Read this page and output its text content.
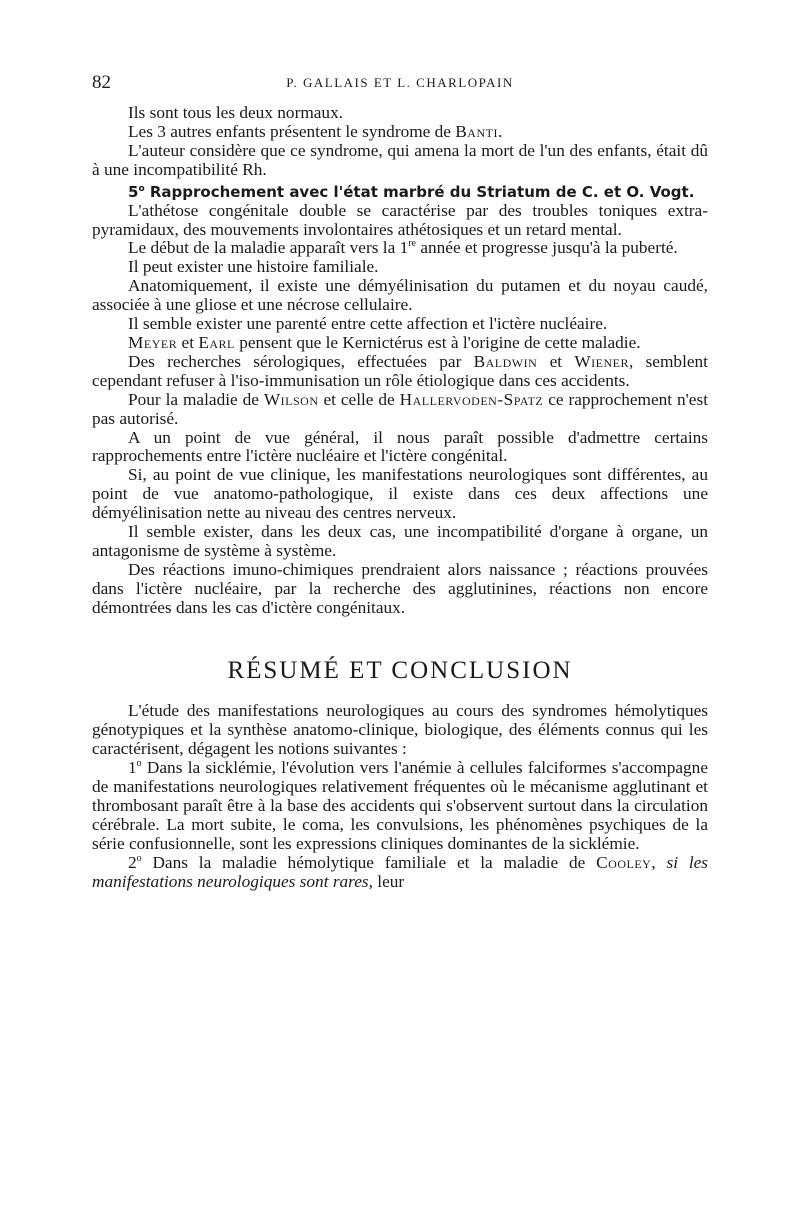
82	P. GALLAIS ET L. CHARLOPAIN

Ils sont tous les deux normaux.

Les 3 autres enfants présentent le syndrome de Banti.

L'auteur considère que ce syndrome, qui amena la mort de l'un des enfants, était dû à une incompatibilité Rh.

5$^o$ Rapprochement avec l'état marbré du Striatum de C. et O. Vogt.

L'athétose congénitale double se caractérise par des troubles toniques extra-pyramidaux, des mouvements involontaires athétosiques et un retard mental.

Le début de la maladie apparaît vers la 1re année et progresse jusqu'à la puberté.

Il peut exister une histoire familiale.

Anatomiquement, il existe une démyélinisation du putamen et du noyau caudé, associée à une gliose et une nécrose cellulaire.

Il semble exister une parenté entre cette affection et l'ictère nucléaire.

Meyer et Earl pensent que le Kernictérus est à l'origine de cette maladie.

Des recherches sérologiques, effectuées par Baldwin et Wiener, semblent cependant refuser à l'iso-immunisation un rôle étiologique dans ces accidents.

Pour la maladie de Wilson et celle de Hallervoden-Spatz ce rapprochement n'est pas autorisé.

A un point de vue général, il nous paraît possible d'admettre certains rapprochements entre l'ictère nucléaire et l'ictère congénital.

Si, au point de vue clinique, les manifestations neurologiques sont différentes, au point de vue anatomo-pathologique, il existe dans ces deux affections une démyélinisation nette au niveau des centres nerveux.

Il semble exister, dans les deux cas, une incompatibilité d'organe à organe, un antagonisme de système à système.

Des réactions imuno-chimiques prendraient alors naissance ; réactions prouvées dans l'ictère nucléaire, par la recherche des agglutinines, réactions non encore démontrées dans les cas d'ictère congénitaux.

RÉSUMÉ ET CONCLUSION

L'étude des manifestations neurologiques au cours des syndromes hémolytiques génotypiques et la synthèse anatomo-clinique, biologique, des éléments connus qui les caractérisent, dégagent les notions suivantes :

1$^o$ Dans la sicklémie, l'évolution vers l'anémie à cellules falciformes s'accompagne de manifestations neurologiques relativement fréquentes où le mécanisme agglutinant et thrombosant paraît être à la base des accidents qui s'observent surtout dans la circulation cérébrale. La mort subite, le coma, les convulsions, les phénomènes psychiques de la série confusionnelle, sont les expressions cliniques dominantes de la sicklémie.

2$^o$ Dans la maladie hémolytique familiale et la maladie de Cooley, si les manifestations neurologiques sont rares, leur
